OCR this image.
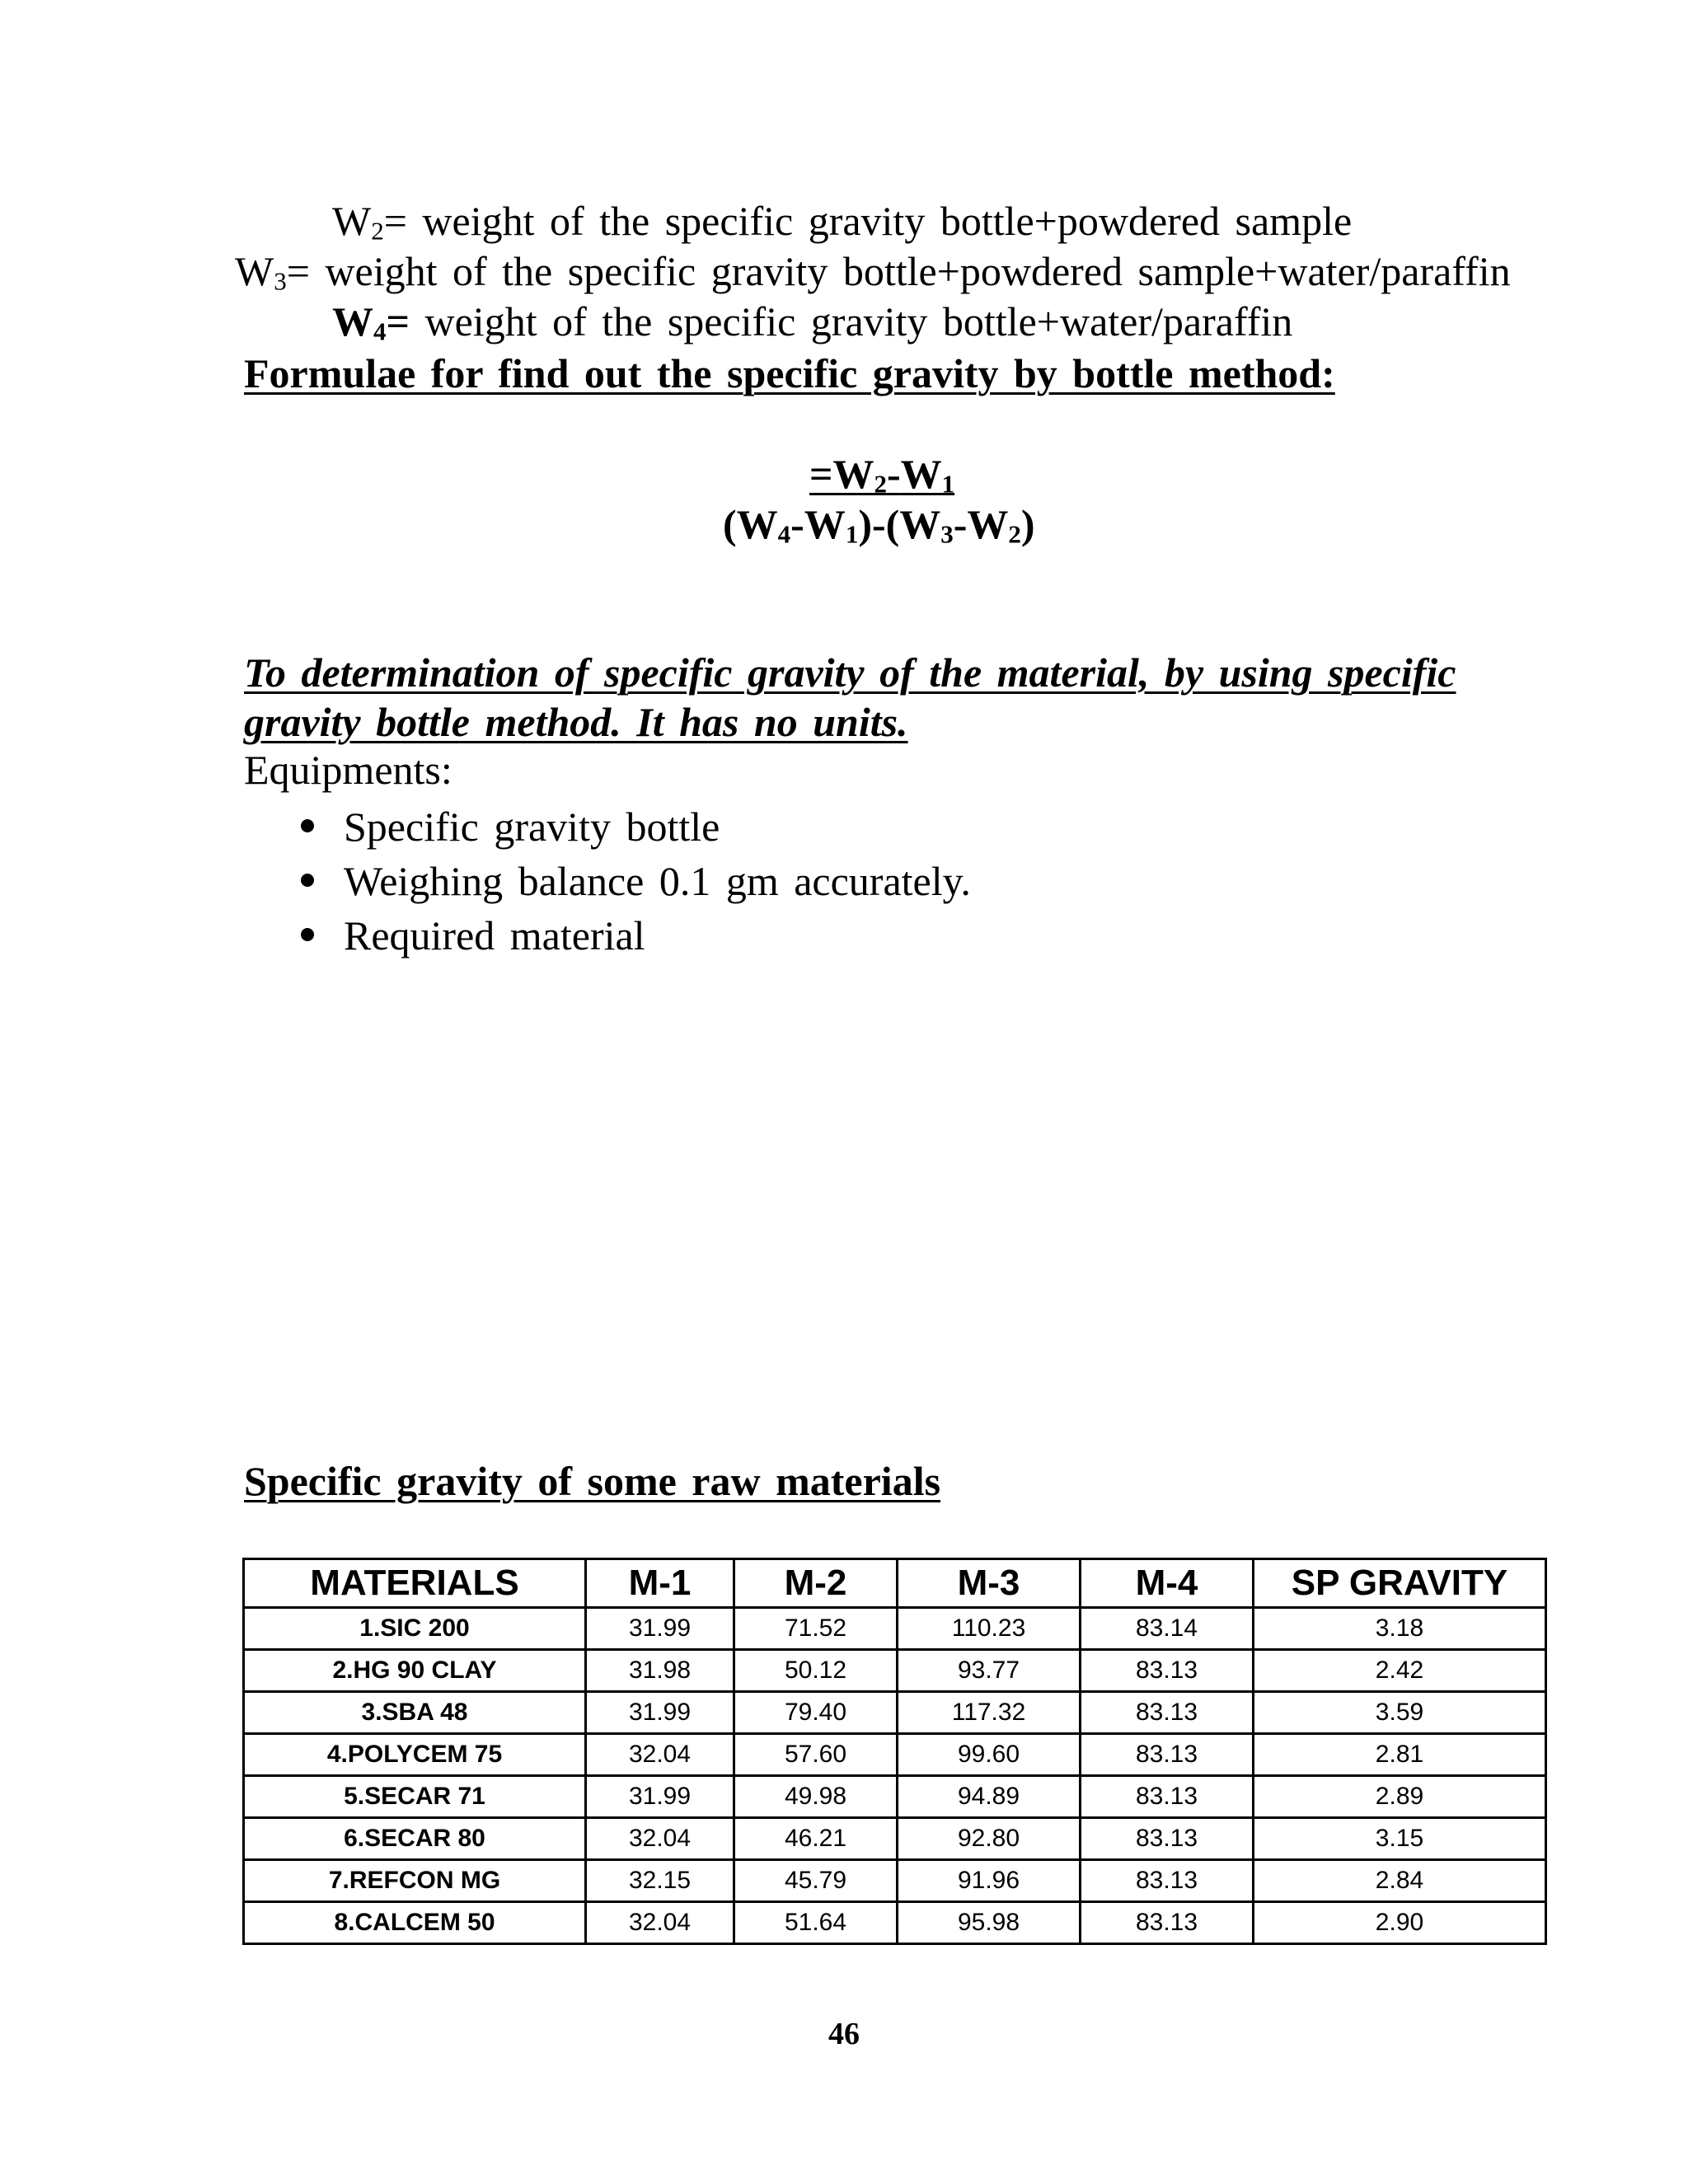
$W_2=$ weight of the specific gravity bottle+powdered sample
$W_3=$ weight of the specific gravity bottle+powdered sample+water/paraffin
$W_4=$ weight of the specific gravity bottle+water/paraffin
Formulae for find out the specific gravity by bottle method:
$=W_2-W_1$
$(W_4-W_1)-(W_3-W_2)$
To determination of specific gravity of the material, by using specific
gravity bottle method. It has no units.
Equipments:
Specific gravity bottle
Weighing balance 0.1 gm accurately.
Required material
Specific gravity of some raw materials
MATERIALS	M-1	M-2	M-3	M-4	SP GRAVITY
1.SIC 200	31.99	71.52	110.23	83.14	3.18
2.HG 90 CLAY	31.98	50.12	93.77	83.13	2.42
3.SBA 48	31.99	79.40	117.32	83.13	3.59
4.POLYCEM 75	32.04	57.60	99.60	83.13	2.81
5.SECAR 71	31.99	49.98	94.89	83.13	2.89
6.SECAR 80	32.04	46.21	92.80	83.13	3.15
7.REFCON MG	32.15	45.79	91.96	83.13	2.84
8.CALCEM 50	32.04	51.64	95.98	83.13	2.90
46
